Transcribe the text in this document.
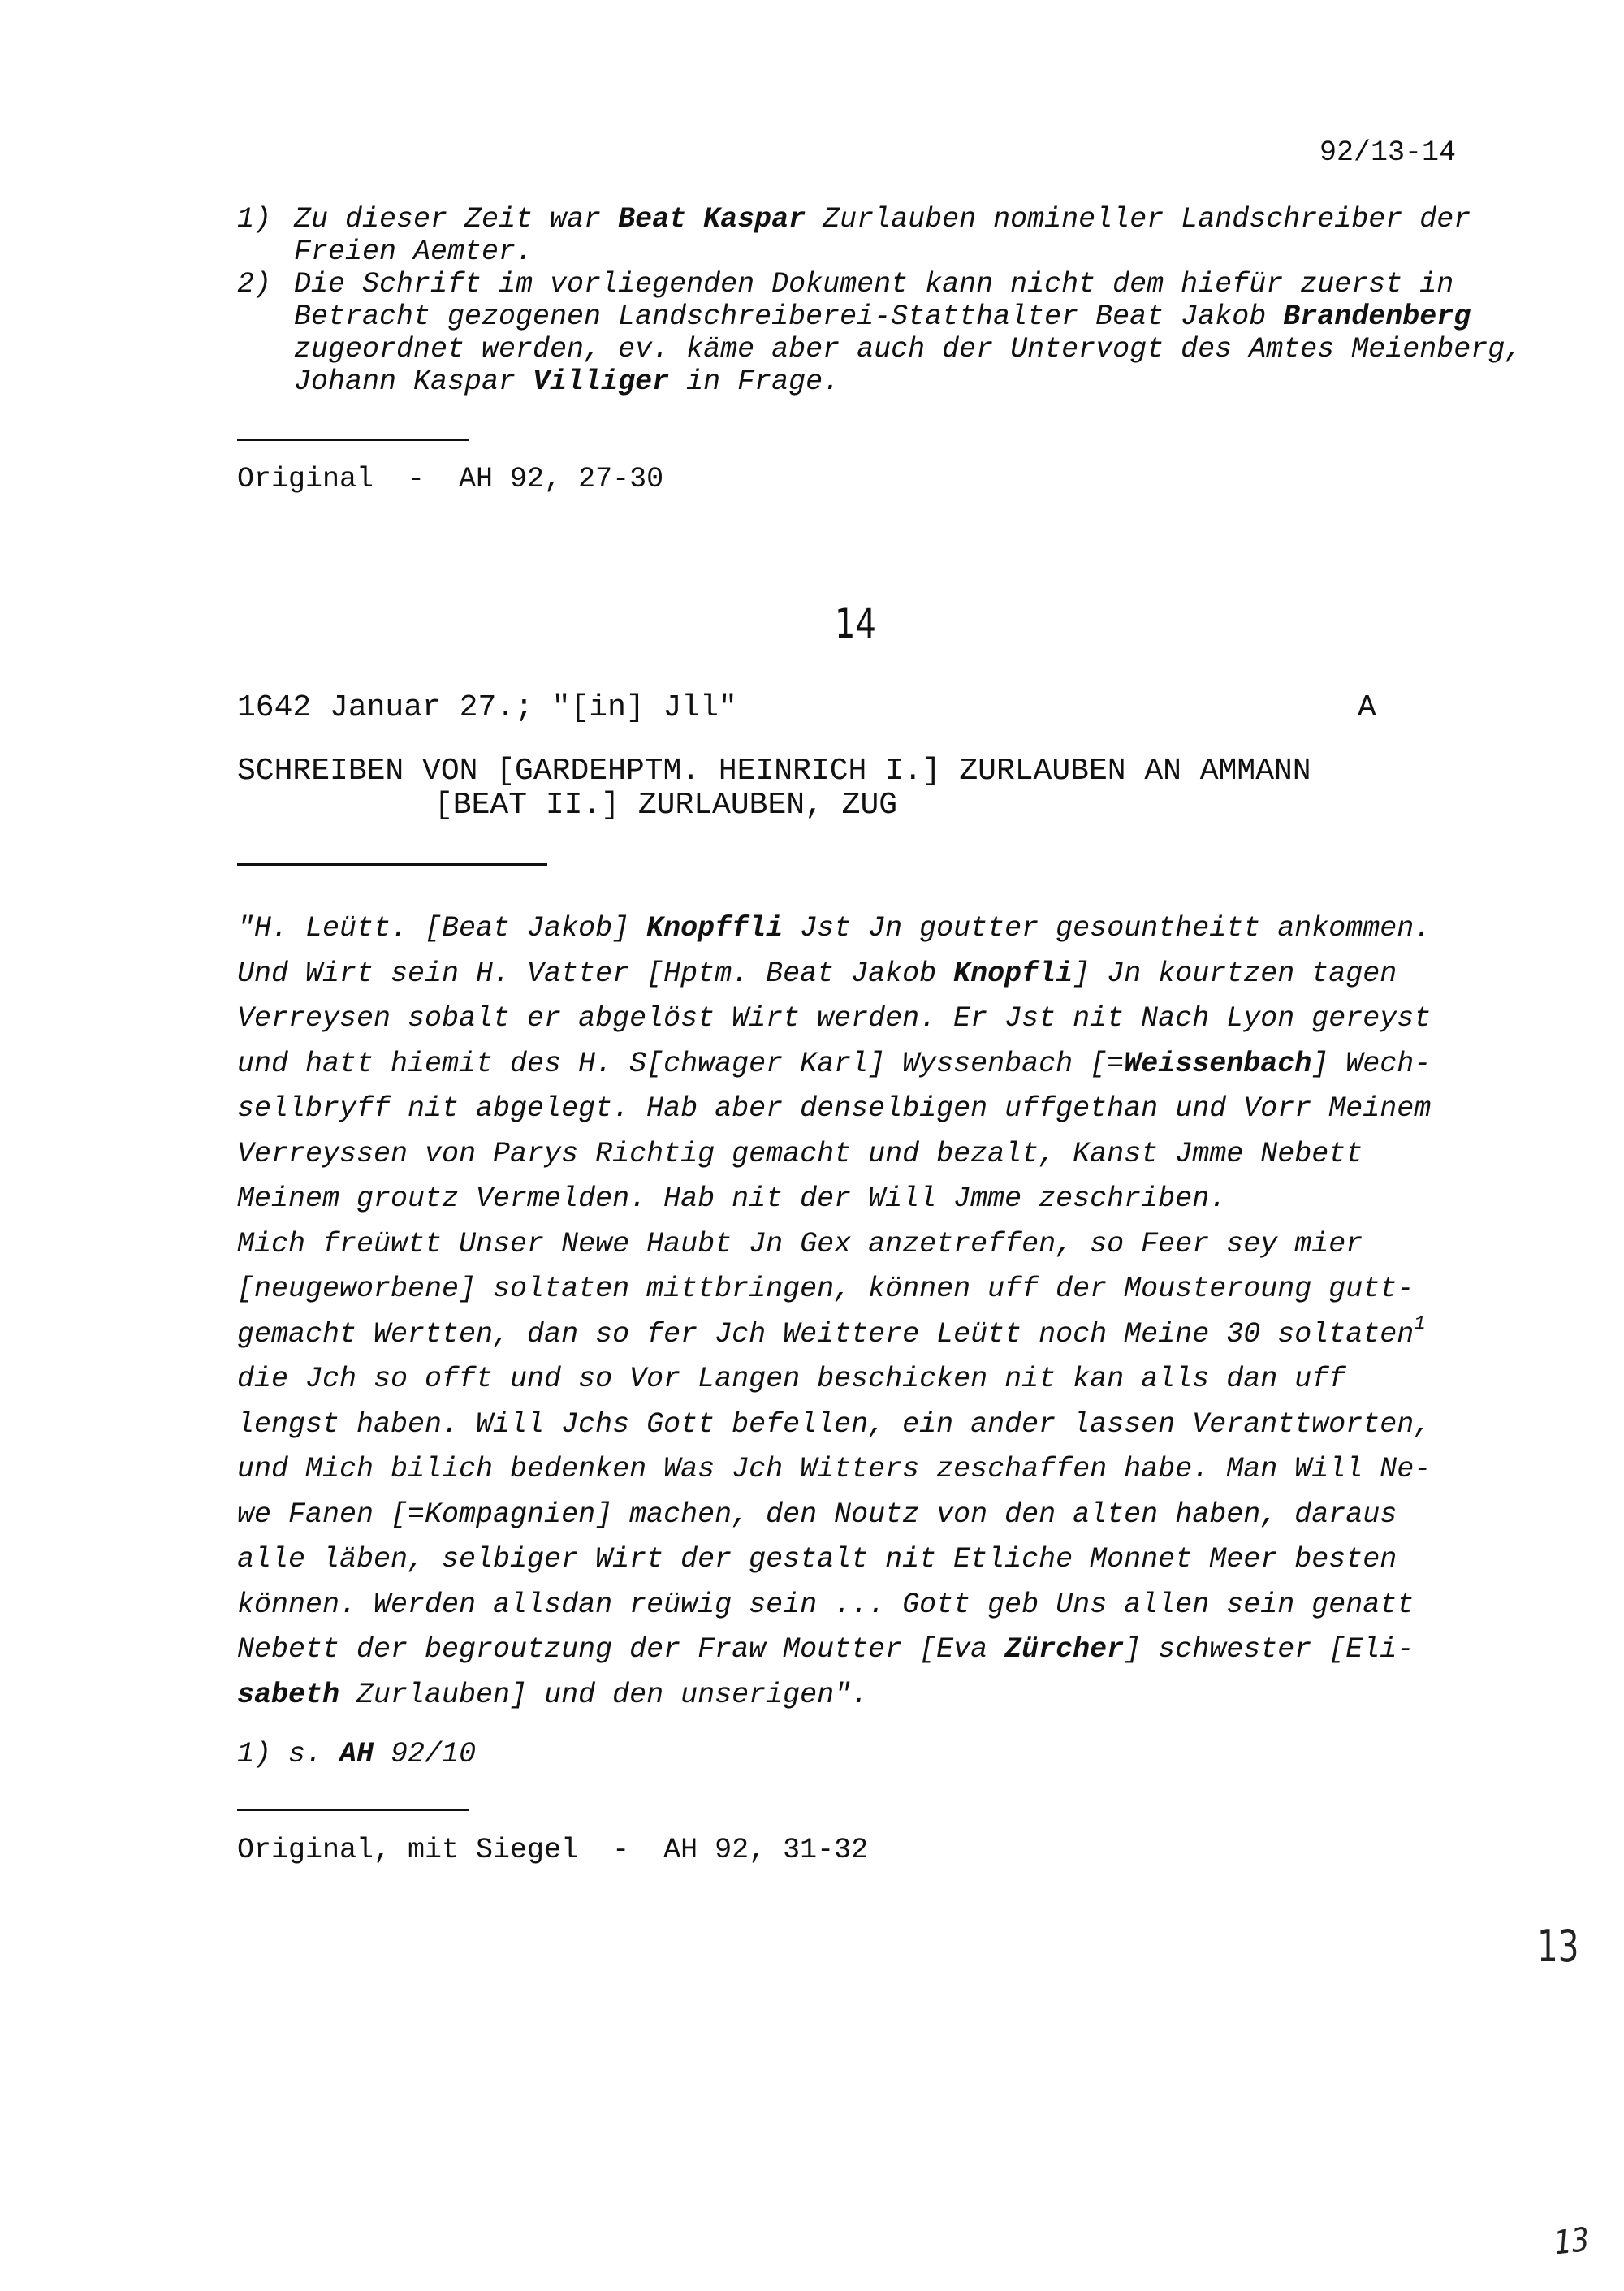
92/13-14
1) Zu dieser Zeit war Beat Kaspar Zurlauben nomineller Landschreiber der
Freien Aemter.
2) Die Schrift im vorliegenden Dokument kann nicht dem hiefür zuerst in
Betracht gezogenen Landschreiberei-Statthalter Beat Jakob Brandenberg
zugeordnet werden, ev. käme aber auch der Untervogt des Amtes Meienberg,
Johann Kaspar Villiger in Frage.
Original  -  AH 92, 27-30
14
1642 Januar 27.; "[in] Jll"	A
SCHREIBEN VON [GARDEHPTM. HEINRICH I.] ZURLAUBEN AN AMMANN
[BEAT II.] ZURLAUBEN, ZUG
"H. Leütt. [Beat Jakob] Knopffli Jst Jn goutter gesountheitt ankommen.
Und Wirt sein H. Vatter [Hptm. Beat Jakob Knopfli] Jn kourtzen tagen
Verreysen sobalt er abgelöst Wirt werden. Er Jst nit Nach Lyon gereyst
und hatt hiemit des H. S[chwager Karl] Wyssenbach [=Weissenbach] Wech-
sellbryff nit abgelegt. Hab aber denselbigen uffgethan und Vorr Meinem
Verreyssen von Parys Richtig gemacht und bezalt, Kanst Jmme Nebett
Meinem groutz Vermelden. Hab nit der Will Jmme zeschriben.
Mich freüwtt Unser Newe Haubt Jn Gex anzetreffen, so Feer sey mier
[neugeworbene] soltaten mittbringen, können uff der Mousteroung gutt-
gemacht Wertten, dan so fer Jch Weittere Leütt noch Meine 30 soltaten$^1$
die Jch so offt und so Vor Langen beschicken nit kan alls dan uff
lengst haben. Will Jchs Gott befellen, ein ander lassen Veranttworten,
und Mich bilich bedenken Was Jch Witters zeschaffen habe. Man Will Ne-
we Fanen [=Kompagnien] machen, den Noutz von den alten haben, daraus
alle läben, selbiger Wirt der gestalt nit Etliche Monnet Meer besten
können. Werden allsdan reüwig sein ... Gott geb Uns allen sein genatt
Nebett der begroutzung der Fraw Moutter [Eva Zürcher] schwester [Eli-
sabeth Zurlauben] und den unserigen".
1) s. AH 92/10
Original, mit Siegel  -  AH 92, 31-32
13
13
